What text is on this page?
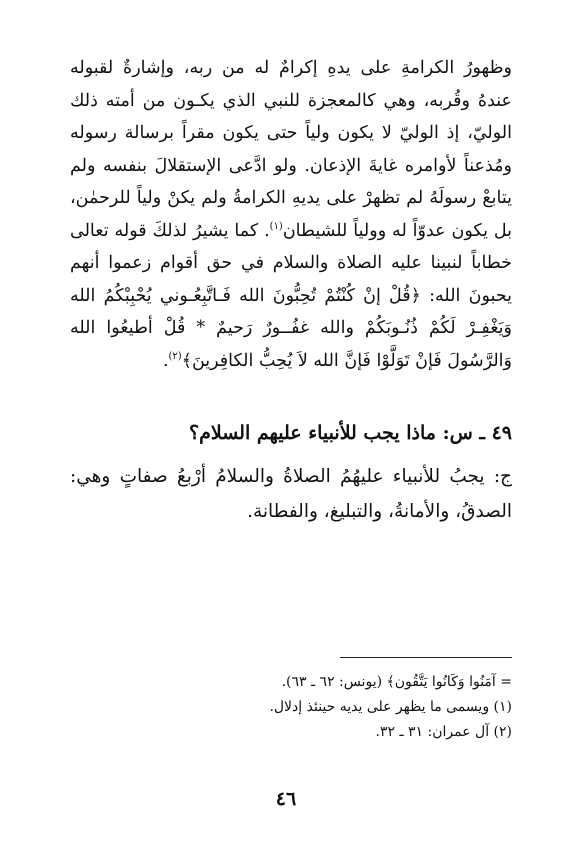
وظهورُ الكرامةِ على يدهِ إكرامٌ له من ربه، وإشارةٌ لقبوله عندهُ وقُربه، وهي كالمعجزة للنبي الذي يكـون من أمته ذلك الوليّ، إذ الوليّ لا يكون ولياً حتى يكون مقراً برسالة رسوله ومُذعناً لأوامره غايةَ الإذعان. ولو ادَّعى الإستقلالَ بنفسه ولم يتابعْ رسولَهُ لم تظهرْ على يديهِ الكرامةُ ولم يكنْ ولياً للرحمٰن، بل يكون عدوّاً له وولياً للشيطان$^{(١)}$. كما يشيرُ لذلكَ قوله تعالى خطاباً لنبينا عليه الصلاة والسلام في حق أقوام زعموا أنهم يحبونَ الله: ﴿قُلْ إنْ كُنْتُمْ تُحِبُّونَ الله فَـاتَّبِعُـوني يُحْبِبْكُمُ الله وَيَغْفِـرْ لَكُمْ ذُنُـوبَكُمْ والله غفُــورٌ رَحيمٌ * قُلْ أطيعُوا الله وَالرَّسُولَ فَإنْ تَوَلَّوْا فَإنَّ الله لاَ يُحِبُّ الكافِرينَ﴾$^{(٢)}$.

٤٩ ـ س: ماذا يجب للأنبياء عليهم السلام؟

ج: يجبُ للأنبياء عليهُمُ الصلاةُ والسلامُ أرْبعُ صفاتٍ وهي: الصدقُ، والأمانةُ، والتبليغ، والفطانة.

= آمَنُوا وَكَانُوا يَتَّقُون﴾ (يونس: ٦٢ ـ ٦٣).

(١) ويسمى ما يظهر على يديه حينئذ إدلال.

(٢) آل عمران: ٣١ ـ ٣٢.

٤٦
